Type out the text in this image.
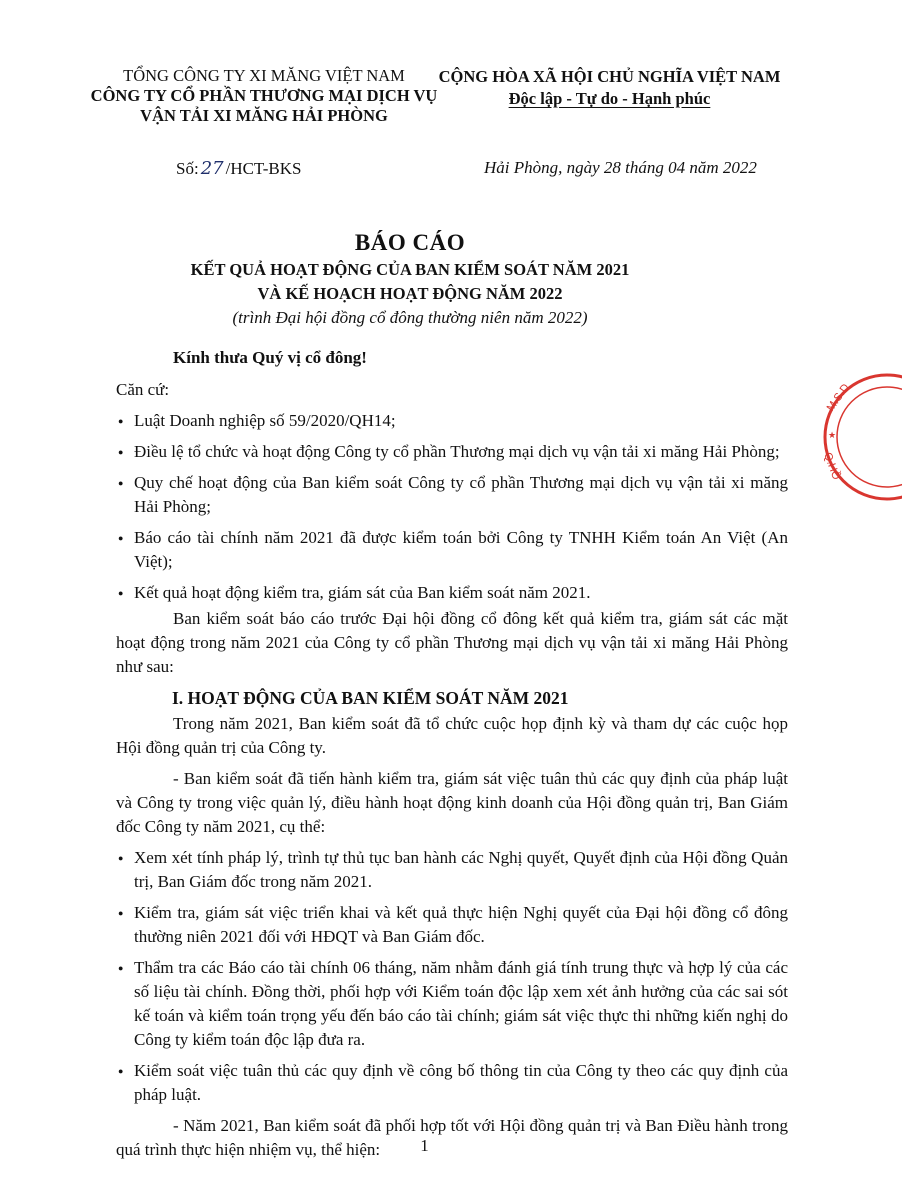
TỔNG CÔNG TY XI MĂNG VIỆT NAM
CÔNG TY CỔ PHẦN THƯƠNG MẠI DỊCH VỤ
VẬN TẢI XI MĂNG HẢI PHÒNG
CỘNG HÒA XÃ HỘI CHỦ NGHĨA VIỆT NAM
Độc lập - Tự do - Hạnh phúc
Số: 27 /HCT-BKS	Hải Phòng, ngày 28 tháng 04 năm 2022
BÁO CÁO
KẾT QUẢ HOẠT ĐỘNG CỦA BAN KIỂM SOÁT NĂM 2021
VÀ KẾ HOẠCH HOẠT ĐỘNG NĂM 2022
(trình Đại hội đồng cổ đông thường niên năm 2022)
Kính thưa Quý vị cổ đông!
Căn cứ:
● Luật Doanh nghiệp số 59/2020/QH14;
● Điều lệ tổ chức và hoạt động Công ty cổ phần Thương mại dịch vụ vận tải xi măng Hải Phòng;
● Quy chế hoạt động của Ban kiểm soát Công ty cổ phần Thương mại dịch vụ vận tải xi măng Hải Phòng;
● Báo cáo tài chính năm 2021 đã được kiểm toán bởi Công ty TNHH Kiểm toán An Việt (An Việt);
● Kết quả hoạt động kiểm tra, giám sát của Ban kiểm soát năm 2021.
Ban kiểm soát báo cáo trước Đại hội đồng cổ đông kết quả kiểm tra, giám sát các mặt hoạt động trong năm 2021 của Công ty cổ phần Thương mại dịch vụ vận tải xi măng Hải Phòng như sau:
I. HOẠT ĐỘNG CỦA BAN KIỂM SOÁT NĂM 2021
Trong năm 2021, Ban kiểm soát đã tổ chức cuộc họp định kỳ và tham dự các cuộc họp Hội đồng quản trị của Công ty.
- Ban kiểm soát đã tiến hành kiểm tra, giám sát việc tuân thủ các quy định của pháp luật và Công ty trong việc quản lý, điều hành hoạt động kinh doanh của Hội đồng quản trị, Ban Giám đốc Công ty năm 2021, cụ thể:
● Xem xét tính pháp lý, trình tự thủ tục ban hành các Nghị quyết, Quyết định của Hội đồng Quản trị, Ban Giám đốc trong năm 2021.
● Kiểm tra, giám sát việc triển khai và kết quả thực hiện Nghị quyết của Đại hội đồng cổ đông thường niên 2021 đối với HĐQT và Ban Giám đốc.
● Thẩm tra các Báo cáo tài chính 06 tháng, năm nhằm đánh giá tính trung thực và hợp lý của các số liệu tài chính. Đồng thời, phối hợp với Kiểm toán độc lập xem xét ảnh hưởng của các sai sót kế toán và kiểm toán trọng yếu đến báo cáo tài chính; giám sát việc thực thi những kiến nghị do Công ty kiểm toán độc lập đưa ra.
● Kiểm soát việc tuân thủ các quy định về công bố thông tin của Công ty theo các quy định của pháp luật.
- Năm 2021, Ban kiểm soát đã phối hợp tốt với Hội đồng quản trị và Ban Điều hành trong quá trình thực hiện nhiệm vụ, thể hiện:	1
M.S.D
Q.HỒ
★
